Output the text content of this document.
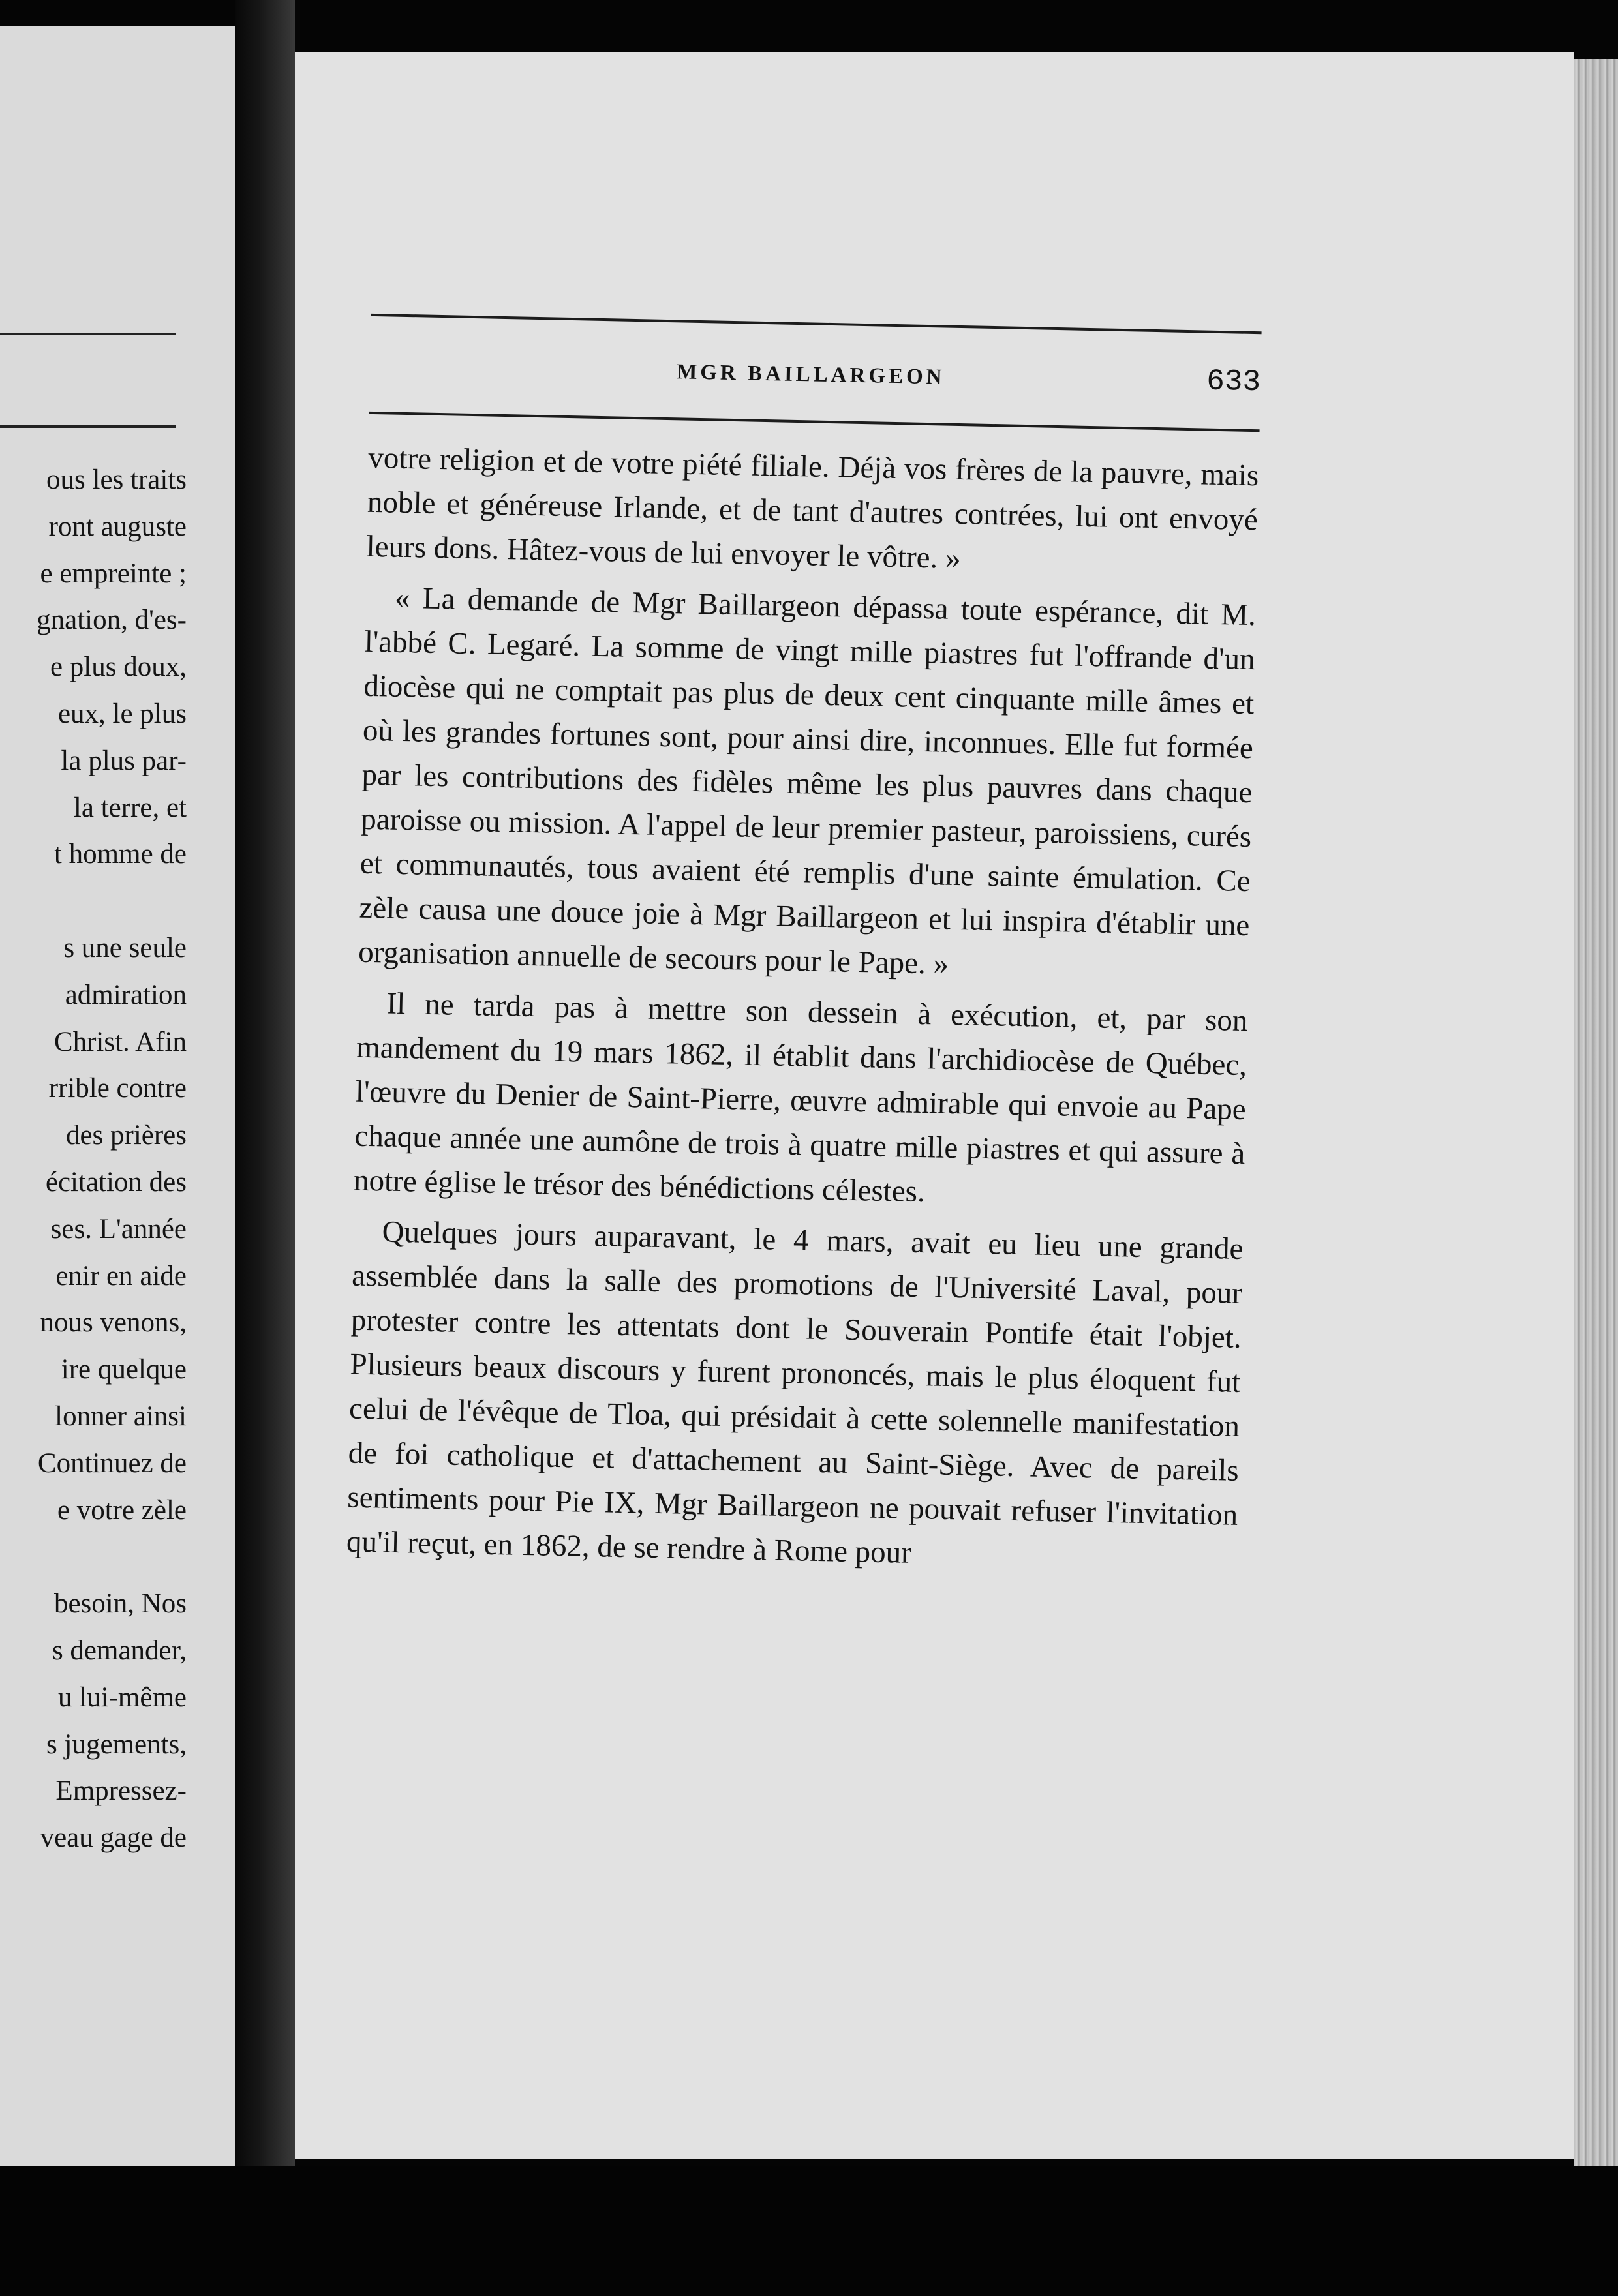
ous les traits
ront auguste
e empreinte ;
gnation, d'es-
e plus doux,
eux, le plus
la plus par-
la terre, et
t homme de
s une seule
admiration
Christ. Afin
rrible contre
des prières
écitation des
ses. L'année
enir en aide
nous venons,
ire quelque
lonner ainsi
Continuez de
e votre zèle
besoin, Nos
s demander,
u lui-même
s jugements,
Empressez-
veau gage de
MGR BAILLARGEON	633

votre religion et de votre piété filiale. Déjà vos frères de la pauvre, mais noble et généreuse Irlande, et de tant d'autres contrées, lui ont envoyé leurs dons. Hâtez-vous de lui envoyer le vôtre. »

« La demande de Mgr Baillargeon dépassa toute espérance, dit M. l'abbé C. Legaré. La somme de vingt mille piastres fut l'offrande d'un diocèse qui ne comptait pas plus de deux cent cinquante mille âmes et où les grandes fortunes sont, pour ainsi dire, inconnues. Elle fut formée par les contributions des fidèles même les plus pauvres dans chaque paroisse ou mission. A l'appel de leur premier pasteur, paroissiens, curés et communautés, tous avaient été remplis d'une sainte émulation. Ce zèle causa une douce joie à Mgr Baillargeon et lui inspira d'établir une organisation annuelle de secours pour le Pape. »

Il ne tarda pas à mettre son dessein à exécution, et, par son mandement du 19 mars 1862, il établit dans l'archidiocèse de Québec, l'œuvre du Denier de Saint-Pierre, œuvre admirable qui envoie au Pape chaque année une aumône de trois à quatre mille piastres et qui assure à notre église le trésor des bénédictions célestes.

Quelques jours auparavant, le 4 mars, avait eu lieu une grande assemblée dans la salle des promotions de l'Université Laval, pour protester contre les attentats dont le Souverain Pontife était l'objet. Plusieurs beaux discours y furent prononcés, mais le plus éloquent fut celui de l'évêque de Tloa, qui présidait à cette solennelle manifestation de foi catholique et d'attachement au Saint-Siège. Avec de pareils sentiments pour Pie IX, Mgr Baillargeon ne pouvait refuser l'invitation qu'il reçut, en 1862, de se rendre à Rome pour
